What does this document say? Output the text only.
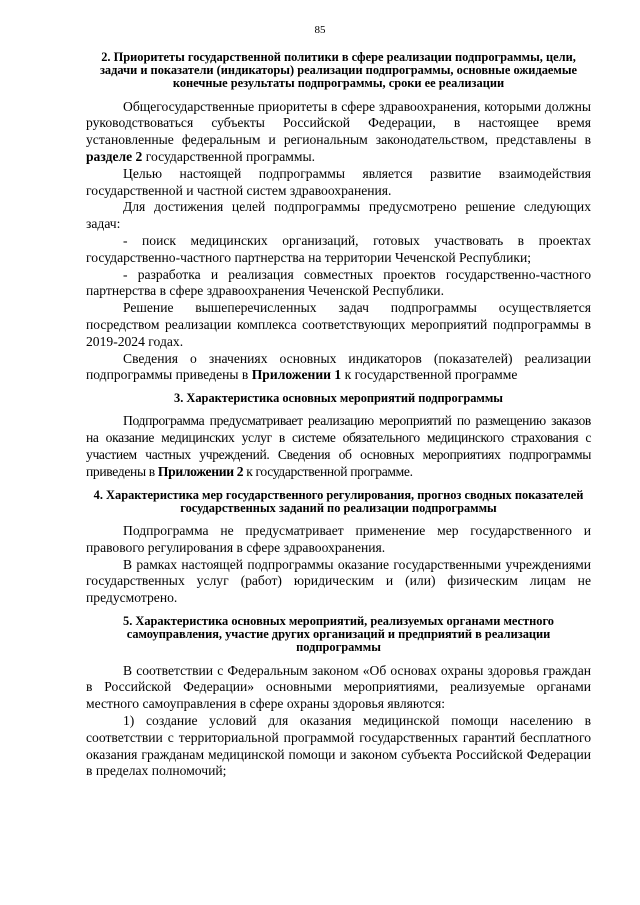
85
2. Приоритеты государственной политики в сфере реализации подпрограммы, цели, задачи и показатели (индикаторы) реализации подпрограммы, основные ожидаемые конечные результаты подпрограммы, сроки ее реализации

Общегосударственные приоритеты в сфере здравоохранения, которыми должны руководствоваться субъекты Российской Федерации, в настоящее время установленные федеральным и региональным законодательством, представлены в разделе 2 государственной программы.

Целью настоящей подпрограммы является развитие взаимодействия государственной и частной систем здравоохранения.

Для достижения целей подпрограммы предусмотрено решение следующих задач:

- поиск медицинских организаций, готовых участвовать в проектах государственно-частного партнерства на территории Чеченской Республики;

- разработка и реализация совместных проектов государственно-частного партнерства в сфере здравоохранения Чеченской Республики.

Решение вышеперечисленных задач подпрограммы осуществляется посредством реализации комплекса соответствующих мероприятий подпрограммы в 2019-2024 годах.

Сведения о значениях основных индикаторов (показателей) реализации подпрограммы приведены в Приложении 1 к государственной программе

3. Характеристика основных мероприятий подпрограммы

Подпрограмма предусматривает реализацию мероприятий по размещению заказов на оказание медицинских услуг в системе обязательного медицинского страхования с участием частных учреждений. Сведения об основных мероприятиях подпрограммы приведены в Приложении 2 к государственной программе.

4. Характеристика мер государственного регулирования, прогноз сводных показателей государственных заданий по реализации подпрограммы

Подпрограмма не предусматривает применение мер государственного и правового регулирования в сфере здравоохранения.

В рамках настоящей подпрограммы оказание государственными учреждениями государственных услуг (работ) юридическим и (или) физическим лицам не предусмотрено.

5. Характеристика основных мероприятий, реализуемых органами местного самоуправления, участие других организаций и предприятий в реализации подпрограммы

В соответствии с Федеральным законом «Об основах охраны здоровья граждан в Российской Федерации» основными мероприятиями, реализуемые органами местного самоуправления в сфере охраны здоровья являются:

1) создание условий для оказания медицинской помощи населению в соответствии с территориальной программой государственных гарантий бесплатного оказания гражданам медицинской помощи и законом субъекта Российской Федерации в пределах полномочий;
